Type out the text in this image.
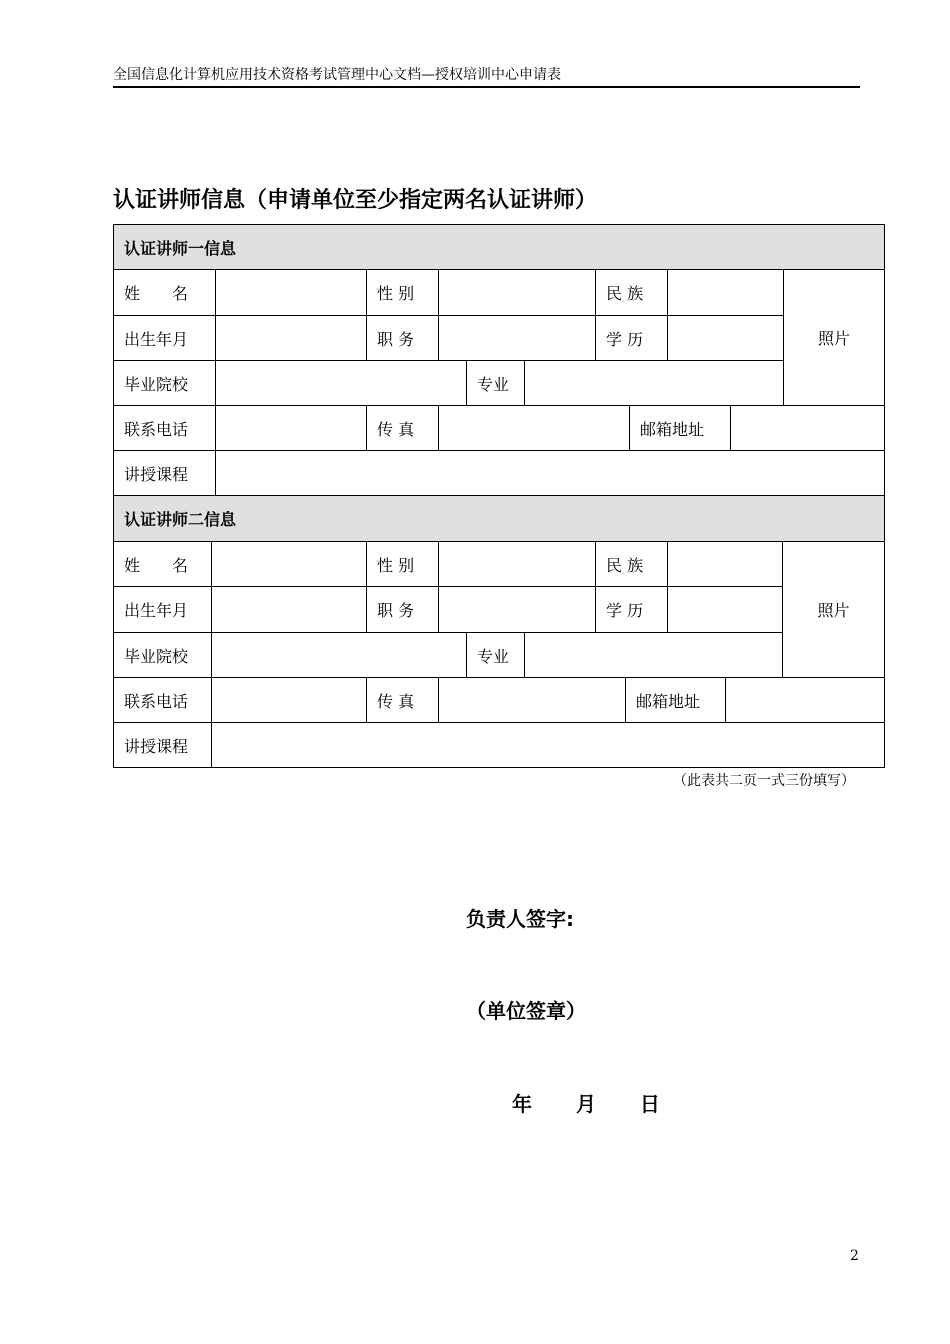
全国信息化计算机应用技术资格考试管理中心文档—授权培训中心申请表
认证讲师信息（申请单位至少指定两名认证讲师）
认证讲师一信息
姓　　名	性 别	民 族
照片
出生年月	职 务	学 历
毕业院校	专业
联系电话	传 真	邮箱地址
讲授课程
认证讲师二信息
姓　　名	性 别	民 族
照片
出生年月	职 务	学 历
毕业院校	专业
联系电话	传 真	邮箱地址
讲授课程
（此表共二页一式三份填写）
负责人签字:
（单位签章）
年 月 日
2
